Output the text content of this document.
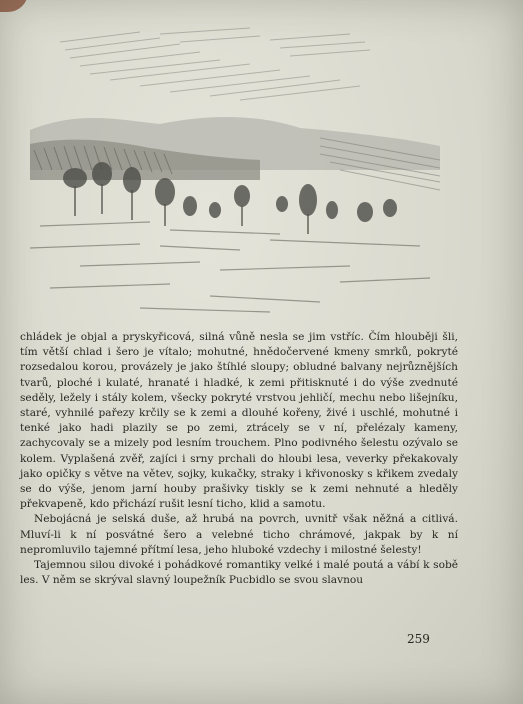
chládek je objal a pryskyřicová, silná vůně nesla se jim vstříc. Čím hlouběji šli, tím větší chlad i šero je vítalo; mohutné, hnědočervené kmeny smrků, pokryté rozsedalou korou, provázely je jako štíhlé sloupy; obludné balvany nejrůznějších tvarů, ploché i kulaté, hranaté i hladké, k zemi přitisknuté i do výše zvednuté seděly, ležely i stály kolem, všecky pokryté vrstvou jehličí, mechu nebo lišejníku, staré, vyhnilé pařezy krčily se k zemi a dlouhé kořeny, živé i uschlé, mohutné i tenké jako hadi plazily se po zemi, ztrácely se v ní, přelézaly kameny, zachycovaly se a mizely pod lesním trouchem. Plno podivného šelestu ozývalo se kolem. Vyplašená zvěř, zajíci i srny prchali do hloubi lesa, veverky překakovaly jako opičky s větve na větev, sojky, kukačky, straky i křivonosky s křikem zvedaly se do výše, jenom jarní houby prašivky tiskly se k zemi nehnuté a hleděly překvapeně, kdo přichází rušit lesní ticho, klid a samotu.

Nebojácná je selská duše, až hrubá na povrch, uvnitř však něžná a citlivá. Mluví-li k ní posvátné šero a velebné ticho chrámové, jakpak by k ní nepromluvilo tajemné přítmí lesa, jeho hluboké vzdechy i milostné šelesty!

Tajemnou silou divoké i pohádkové romantiky velké i malé poutá a vábí k sobě les. V něm se skrýval slavný loupežník Pucbidlo se svou slavnou

259
